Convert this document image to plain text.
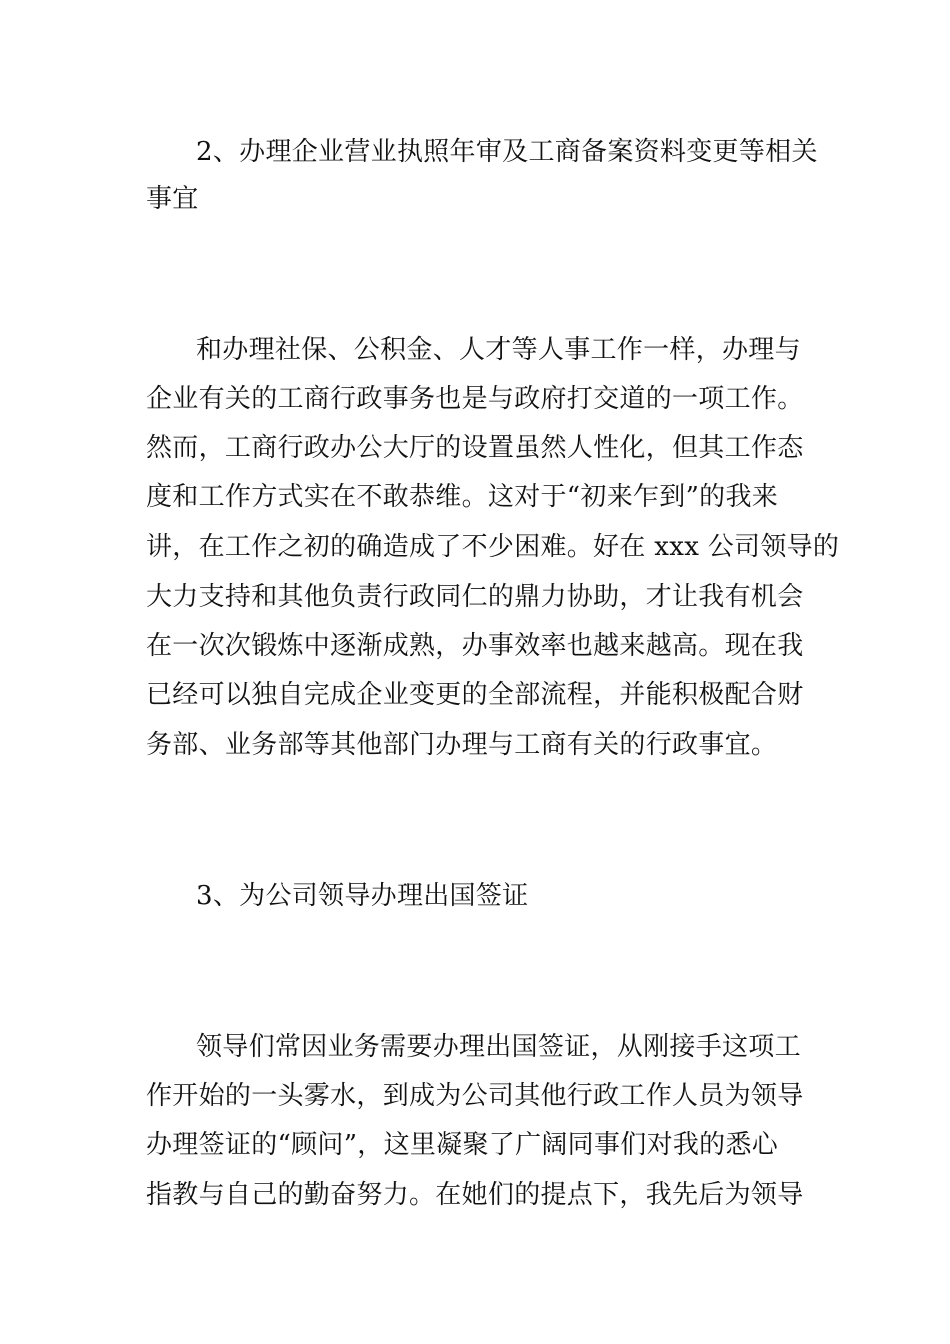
2、办理企业营业执照年审及工商备案资料变更等相关
事宜
和办理社保、公积金、人才等人事工作一样，办理与
企业有关的工商行政事务也是与政府打交道的一项工作。
然而，工商行政办公大厅的设置虽然人性化，但其工作态
度和工作方式实在不敢恭维。这对于“初来乍到”的我来
讲，在工作之初的确造成了不少困难。好在 xxx 公司领导的
大力支持和其他负责行政同仁的鼎力协助，才让我有机会
在一次次锻炼中逐渐成熟，办事效率也越来越高。现在我
已经可以独自完成企业变更的全部流程，并能积极配合财
务部、业务部等其他部门办理与工商有关的行政事宜。
3、为公司领导办理出国签证
领导们常因业务需要办理出国签证，从刚接手这项工
作开始的一头雾水，到成为公司其他行政工作人员为领导
办理签证的“顾问”，这里凝聚了广阔同事们对我的悉心
指教与自己的勤奋努力。在她们的提点下，我先后为领导
